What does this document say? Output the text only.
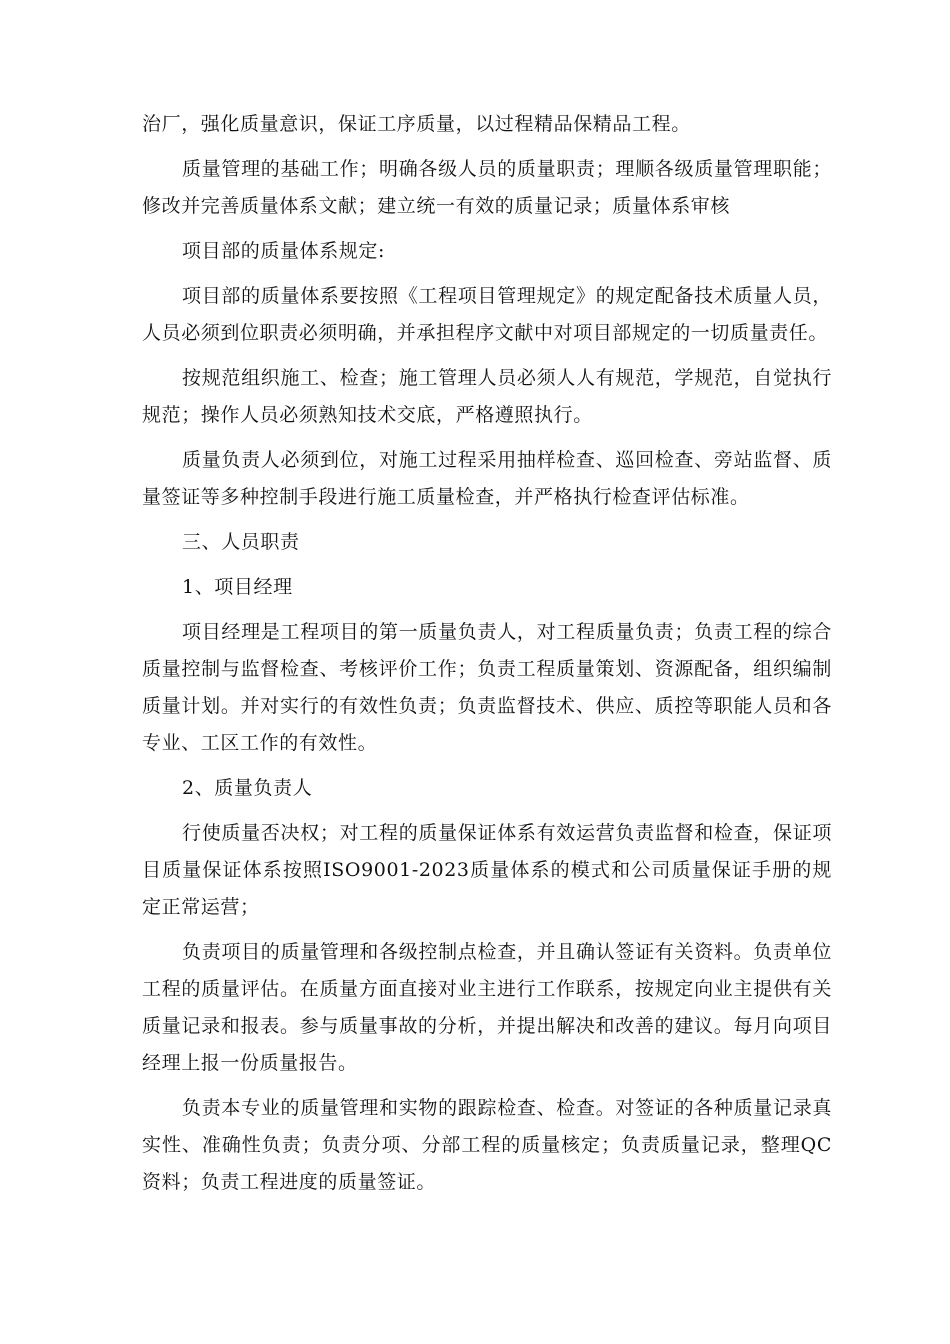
治厂，强化质量意识，保证工序质量，以过程精品保精品工程。

质量管理的基础工作；明确各级人员的质量职责；理顺各级质量管理职能；修改并完善质量体系文献；建立统一有效的质量记录；质量体系审核

项目部的质量体系规定:

项目部的质量体系要按照《工程项目管理规定》的规定配备技术质量人员，人员必须到位职责必须明确，并承担程序文献中对项目部规定的一切质量责任。

按规范组织施工、检查；施工管理人员必须人人有规范，学规范，自觉执行规范；操作人员必须熟知技术交底，严格遵照执行。

质量负责人必须到位，对施工过程采用抽样检查、巡回检查、旁站监督、质量签证等多种控制手段进行施工质量检查，并严格执行检查评估标准。

三、人员职责

1、项目经理

项目经理是工程项目的第一质量负责人，对工程质量负责；负责工程的综合质量控制与监督检查、考核评价工作；负责工程质量策划、资源配备，组织编制质量计划。并对实行的有效性负责；负责监督技术、供应、质控等职能人员和各专业、工区工作的有效性。

2、质量负责人

行使质量否决权；对工程的质量保证体系有效运营负责监督和检查，保证项目质量保证体系按照ISO9001-2023质量体系的模式和公司质量保证手册的规定正常运营；

负责项目的质量管理和各级控制点检查，并且确认签证有关资料。负责单位工程的质量评估。在质量方面直接对业主进行工作联系，按规定向业主提供有关质量记录和报表。参与质量事故的分析，并提出解决和改善的建议。每月向项目经理上报一份质量报告。

负责本专业的质量管理和实物的跟踪检查、检查。对签证的各种质量记录真实性、准确性负责；负责分项、分部工程的质量核定；负责质量记录，整理QC资料；负责工程进度的质量签证。
